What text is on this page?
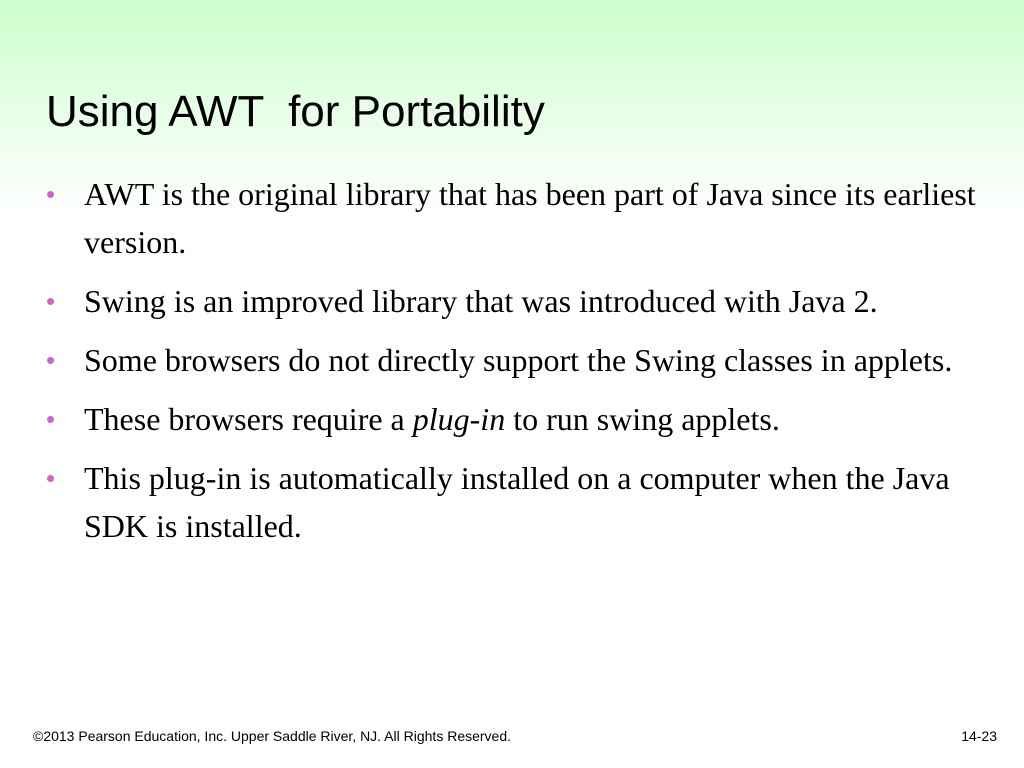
Using AWT  for Portability
• AWT is the original library that has been part of Java since its earliest version.
• Swing is an improved library that was introduced with Java 2.
• Some browsers do not directly support the Swing classes in applets.
• These browsers require a plug-in to run swing applets.
• This plug-in is automatically installed on a computer when the Java SDK is installed.
©2013 Pearson Education, Inc. Upper Saddle River, NJ. All Rights Reserved.	14-23
